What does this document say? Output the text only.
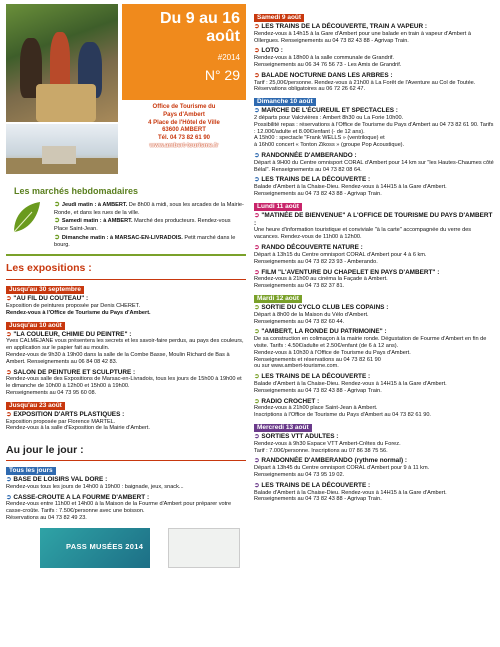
Du 9 au 16
août
#2014
N° 29
Office de Tourisme du
Pays d'Ambert
4 Place de l'Hôtel de Ville
63600 AMBERT
Tél. 04 73 82 61 90
www.ambert-tourisme.fr
Les marchés hebdomadaires

➲ Jeudi matin : à AMBERT. De 8h00 à midi, sous les arcades de la Mairie-Ronde, et dans les rues de la ville.

➲ Samedi matin : à AMBERT. Marché des producteurs. Rendez-vous Place Saint-Jean.

➲ Dimanche matin : à MARSAC-EN-LIVRADOIS. Petit marché dans le bourg.

Les expositions :
Jusqu'au 30 septembre
➲ "AU FIL DU COUTEAU" :

Exposition de peintures proposée par Denis CHERET.

Rendez-vous à l'Office de Tourisme du Pays d'Ambert.

Jusqu'au 10 août
➲ "LA COULEUR, CHIMIE DU PEINTRE" :

Yves CALMEJANE vous présentera les secrets et les savoir-faire perdus, au pays des couleurs, en application sur le papier fait au moulin.

Rendez-vous de 9h30 à 19h00 dans la salle de la Combe Basse, Moulin Richard de Bas à Ambert. Renseignements au 06 84 08 42 83.

➲ SALON DE PEINTURE ET SCULPTURE :

Rendez-vous salle des Expositions de Marsac-en-Livradois, tous les jours de 15h00 à 19h00 et le dimanche de 10h00 à 12h00 et 15h00 à 19h00.

Renseignements au 04 73 95 60 08.

Jusqu'au 23 août
➲ EXPOSITION D'ARTS PLASTIQUES :

Exposition proposée par Florence MARTEL.

Rendez-vous à la salle d'Exposition de la Mairie d'Ambert.

Au jour le jour :
Tous les jours
➲ BASE DE LOISIRS VAL DORE :

Rendez-vous tous les jours de 14h00 à 19h00 : baignade, jeux, snack...

➲ CASSE-CROUTE A LA FOURME D'AMBERT :

Rendez-vous entre 11h00 et 14h00 à la Maison de la Fourme d'Ambert pour préparer votre casse-croûte. Tarifs : 7.50€/personne avec une boisson.

Réservations au 04 73 82 49 23.

PASS MUSÉES 2014
Samedi 9 août
➲ LES TRAINS DE LA DÉCOUVERTE, TRAIN A VAPEUR :

Rendez-vous à 14h15 à la Gare d'Ambert pour une balade en train à vapeur d'Ambert à Ollergues. Renseignements au 04 73 82 43 88 - Agrivap Train.

➲ LOTO :

Rendez-vous à 18h00 à la salle communale de Grandrif.

Renseignements au 06 34 76 56 73 - Les Amis de Grandrif.

➲ BALADE NOCTURNE DANS LES ARBRES :

Tarif : 25,00€/personne. Rendez-vous à 21h00 à La Forêt de l'Aventure au Col de Toutée. Réservations obligatoires au 06 72 26 62 47.

Dimanche 10 août
➲ MARCHE DE L'ÉCUREUIL ET SPECTACLES :

2 départs pour Valcivières : Ambert 8h30 ou La Forie 10h00.

Possibilité repas : réservations à l'Office de Tourisme du Pays d'Ambert au 04 73 82 61 90. Tarifs : 12.00€/adulte et 8.00€/enfant (- de 12 ans).

A 15h00 : spectacle "Frank WELLS » (ventriloque) et

à 16h00 concert « Tonton Zikoss » (groupe Pop Acoustique).

➲ RANDONNÉE D'AMBERANDO :

Départ à 9H00 du Centre omnisport CORAL d'Ambert pour 14 km sur "les Hautes-Chaumes côté Bélal". Renseignements au 04 73 82 08 64.

➲ LES TRAINS DE LA DÉCOUVERTE :

Balade d'Ambert à la Chaise-Dieu. Rendez-vous à 14H15 à la Gare d'Ambert.

Renseignements au 04 73 82 43 88 - Agrivap Train.

Lundi 11 août
➲ "MATINÉE DE BIENVENUE" A L'OFFICE DE TOURISME DU PAYS D'AMBERT :

Une heure d'information touristique et conviviale "à la carte" accompagnée du verre des vacances. Rendez-vous de 11h00 à 12h00.

➲ RANDO DÉCOUVERTE NATURE :

Départ à 13h15 du Centre omnisport CORAL d'Ambert pour 4 à 6 km.

Renseignements au 04 73 82 23 93 - Amberando.

➲ FILM "L'AVENTURE DU CHAPELET EN PAYS D'AMBERT" :

Rendez-vous à 21h00 au cinéma la Façade à Ambert.

Renseignements au 04 73 82 37 81.

Mardi 12 août
➲ SORTIE DU CYCLO CLUB LES COPAINS :

Départ à 8h00 de la Maison du Vélo d'Ambert.

Renseignements au 04 73 82 60 44.

➲ "AMBERT, LA RONDE DU PATRIMOINE" :

De sa construction en colimaçon à la mairie ronde. Dégustation de Fourme d'Ambert en fin de visite. Tarifs : 4.50€/adulte et 2.50€/enfant (de 6 à 12 ans).

Rendez-vous à 10h30 à l'Office de Tourisme du Pays d'Ambert.

Renseignements et réservations au 04 73 82 61 90

ou sur www.ambert-tourisme.com.

➲ LES TRAINS DE LA DÉCOUVERTE :

Balade d'Ambert à la Chaise-Dieu. Rendez-vous à 14H15 à la Gare d'Ambert.

Renseignements au 04 73 82 43 88 - Agrivap Train.

➲ RADIO CROCHET :

Rendez-vous à 21h00 place Saint-Jean à Ambert.

Inscriptions à l'Office de Tourisme du Pays d'Ambert au 04 73 82 61 90.

Mercredi 13 août
➲ SORTIES VTT ADULTES :

Rendez-vous à 9h30 Espace VTT Ambert-Crêtes du Forez.

Tarif : 7.00€/personne. Inscriptions au 07 86 38 75 56.

➲ RANDONNÉE D'AMBERANDO (rythme normal) :

Départ à 13h45 du Centre omnisport CORAL d'Ambert pour 9 à 11 km.

Renseignements au 04 73 95 19 02.

➲ LES TRAINS DE LA DÉCOUVERTE :

Balade d'Ambert à la Chaise-Dieu. Rendez-vous à 14H15 à la Gare d'Ambert.

Renseignements au 04 73 82 43 88 - Agrivap Train.
